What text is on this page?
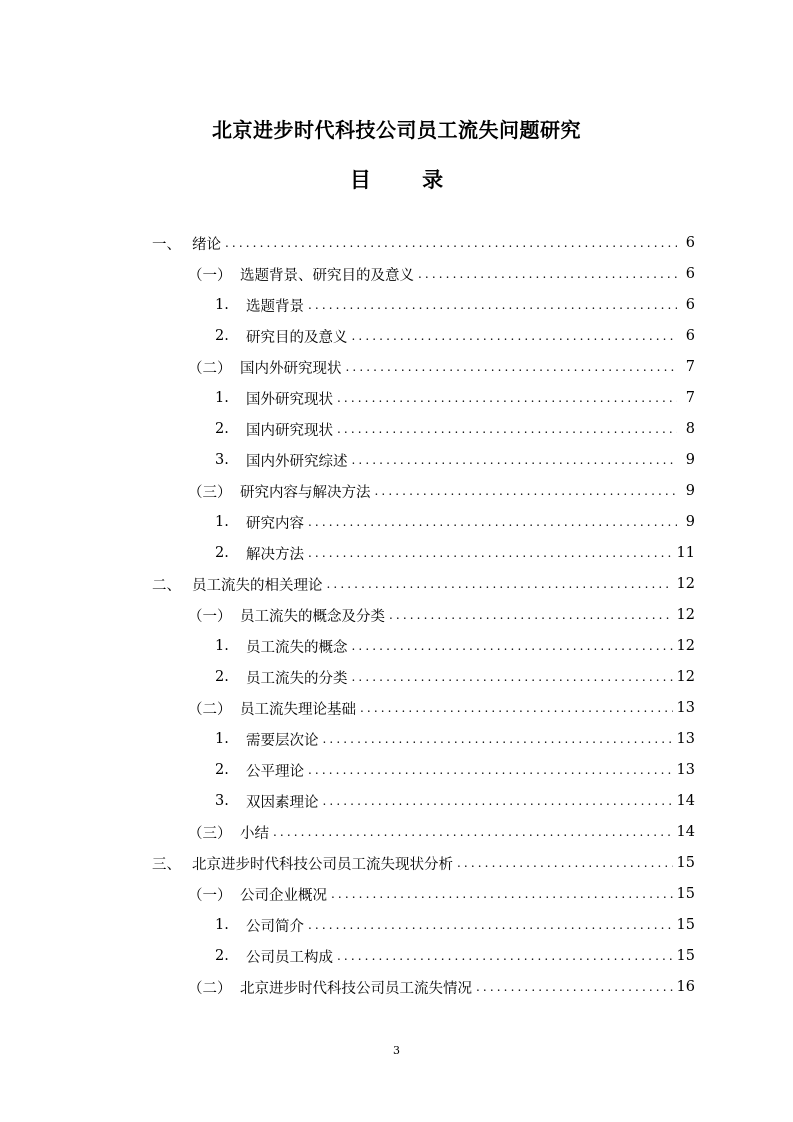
北京进步时代科技公司员工流失问题研究
目 录
一、 绪论 .....	6
（一） 选题背景、研究目的及意义 .....	6
1.	选题背景 .....	6
2.	研究目的及意义 .....	6
（二） 国内外研究现状 .....	7
1.	国外研究现状 .....	7
2.	国内研究现状 .....	8
3.	国内外研究综述 .....	9
（三） 研究内容与解决方法 .....	9
1.	研究内容 .....	9
2.	解决方法 .....	11
二、 员工流失的相关理论 .....	12
（一） 员工流失的概念及分类 .....	12
1.	员工流失的概念 .....	12
2.	员工流失的分类 .....	12
（二） 员工流失理论基础 .....	13
1.	需要层次论 .....	13
2.	公平理论 .....	13
3.	双因素理论 .....	14
（三） 小结 .....	14
三、 北京进步时代科技公司员工流失现状分析 .....	15
（一） 公司企业概况 .....	15
1.	公司简介 .....	15
2.	公司员工构成 .....	15
（二） 北京进步时代科技公司员工流失情况 .....	16
3
